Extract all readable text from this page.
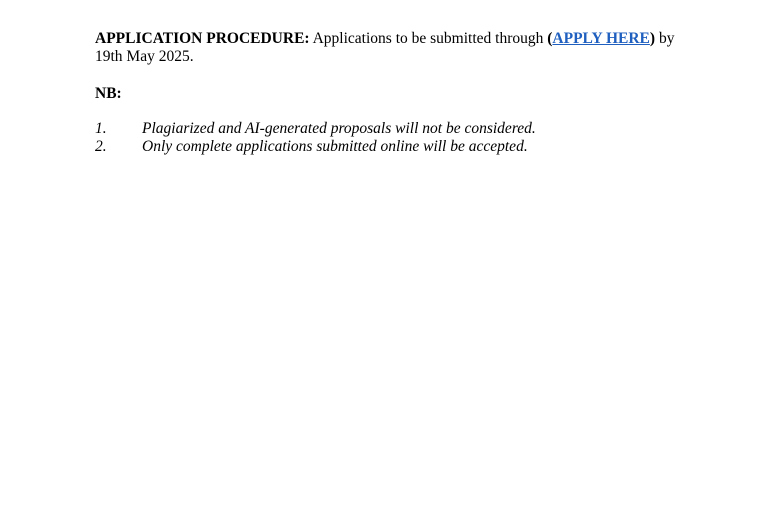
APPLICATION PROCEDURE: Applications to be submitted through (APPLY HERE) by
19th May 2025.

NB:

1.	Plagiarized and AI-generated proposals will not be considered.
2.	Only complete applications submitted online will be accepted.
